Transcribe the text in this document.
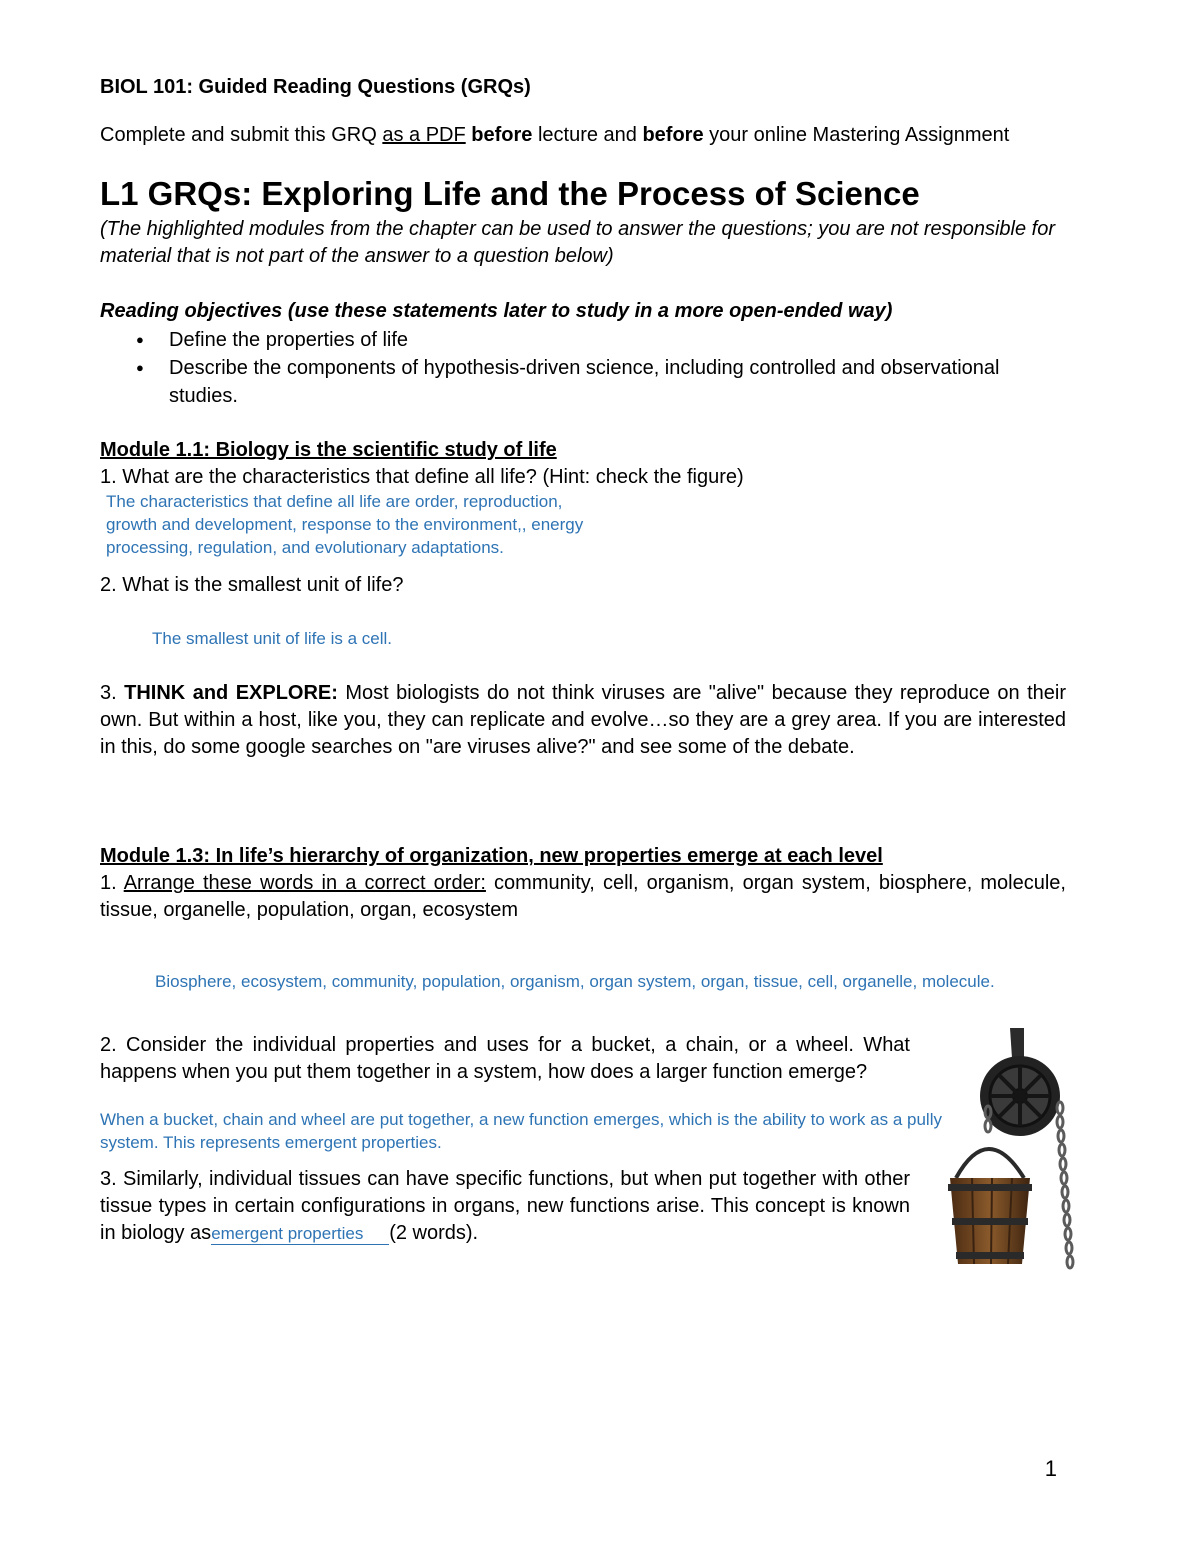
BIOL 101: Guided Reading Questions (GRQs)

Complete and submit this GRQ as a PDF before lecture and before your online Mastering Assignment

L1 GRQs: Exploring Life and the Process of Science

(The highlighted modules from the chapter can be used to answer the questions; you are not responsible for material that is not part of the answer to a question below)

Reading objectives (use these statements later to study in a more open-ended way)

● Define the properties of life
● Describe the components of hypothesis-driven science, including controlled and observational studies.

Module 1.1: Biology is the scientific study of life

1. What are the characteristics that define all life? (Hint: check the figure)

The characteristics that define all life are order, reproduction,
growth and development, response to the environment,, energy
processing, regulation, and evolutionary adaptations.

2. What is the smallest unit of life?

The smallest unit of life is a cell.

3. THINK and EXPLORE: Most biologists do not think viruses are "alive" because they reproduce on their own. But within a host, like you, they can replicate and evolve…so they are a grey area. If you are interested in this, do some google searches on "are viruses alive?" and see some of the debate.

Module 1.3: In life’s hierarchy of organization, new properties emerge at each level

1. Arrange these words in a correct order: community, cell, organism, organ system, biosphere, molecule, tissue, organelle, population, organ, ecosystem

Biosphere, ecosystem, community, population, organism, organ system, organ, tissue, cell, organelle, molecule.

2. Consider the individual properties and uses for a bucket, a chain, or a wheel. What happens when you put them together in a system, how does a larger function emerge?

When a bucket, chain and wheel are put together, a new function emerges, which is the ability to work as a pully
system. This represents emergent properties.

3. Similarly, individual tissues can have specific functions, but when put together with other tissue types in certain configurations in organs, new functions arise. This concept is known in biology asemergent properties (2 words).

1
